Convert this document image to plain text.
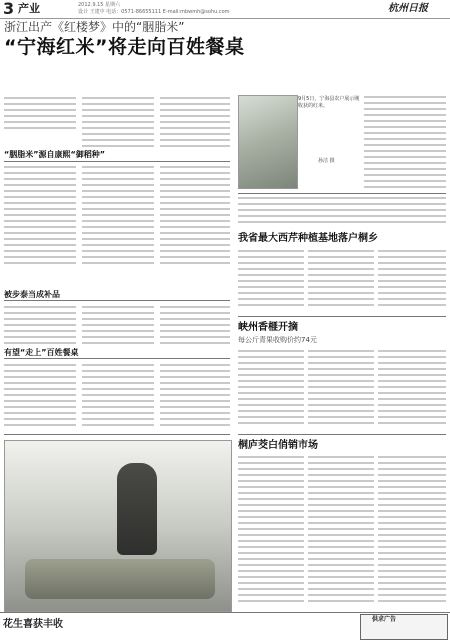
3 产业	2012.9.15 星期六
设计 王建中 电话：0571-86655111 E-mail:mbwmh@sohu.com	杭州日报
浙江出产《红楼梦》中的“胭脂米”
“宁海红米”将走向百姓餐桌
9月5日，宁海县农户展示刚收获的红米。
孙洁 摄
“胭脂米”源自康熙“御稻种”
我省最大西芹种植基地落户桐乡
被步泰当成补品
峡州香榧开摘
每公斤青果收购价约74元
有望“走上”百姓餐桌
桐庐茭白俏销市场
花生喜获丰收	供求广告
